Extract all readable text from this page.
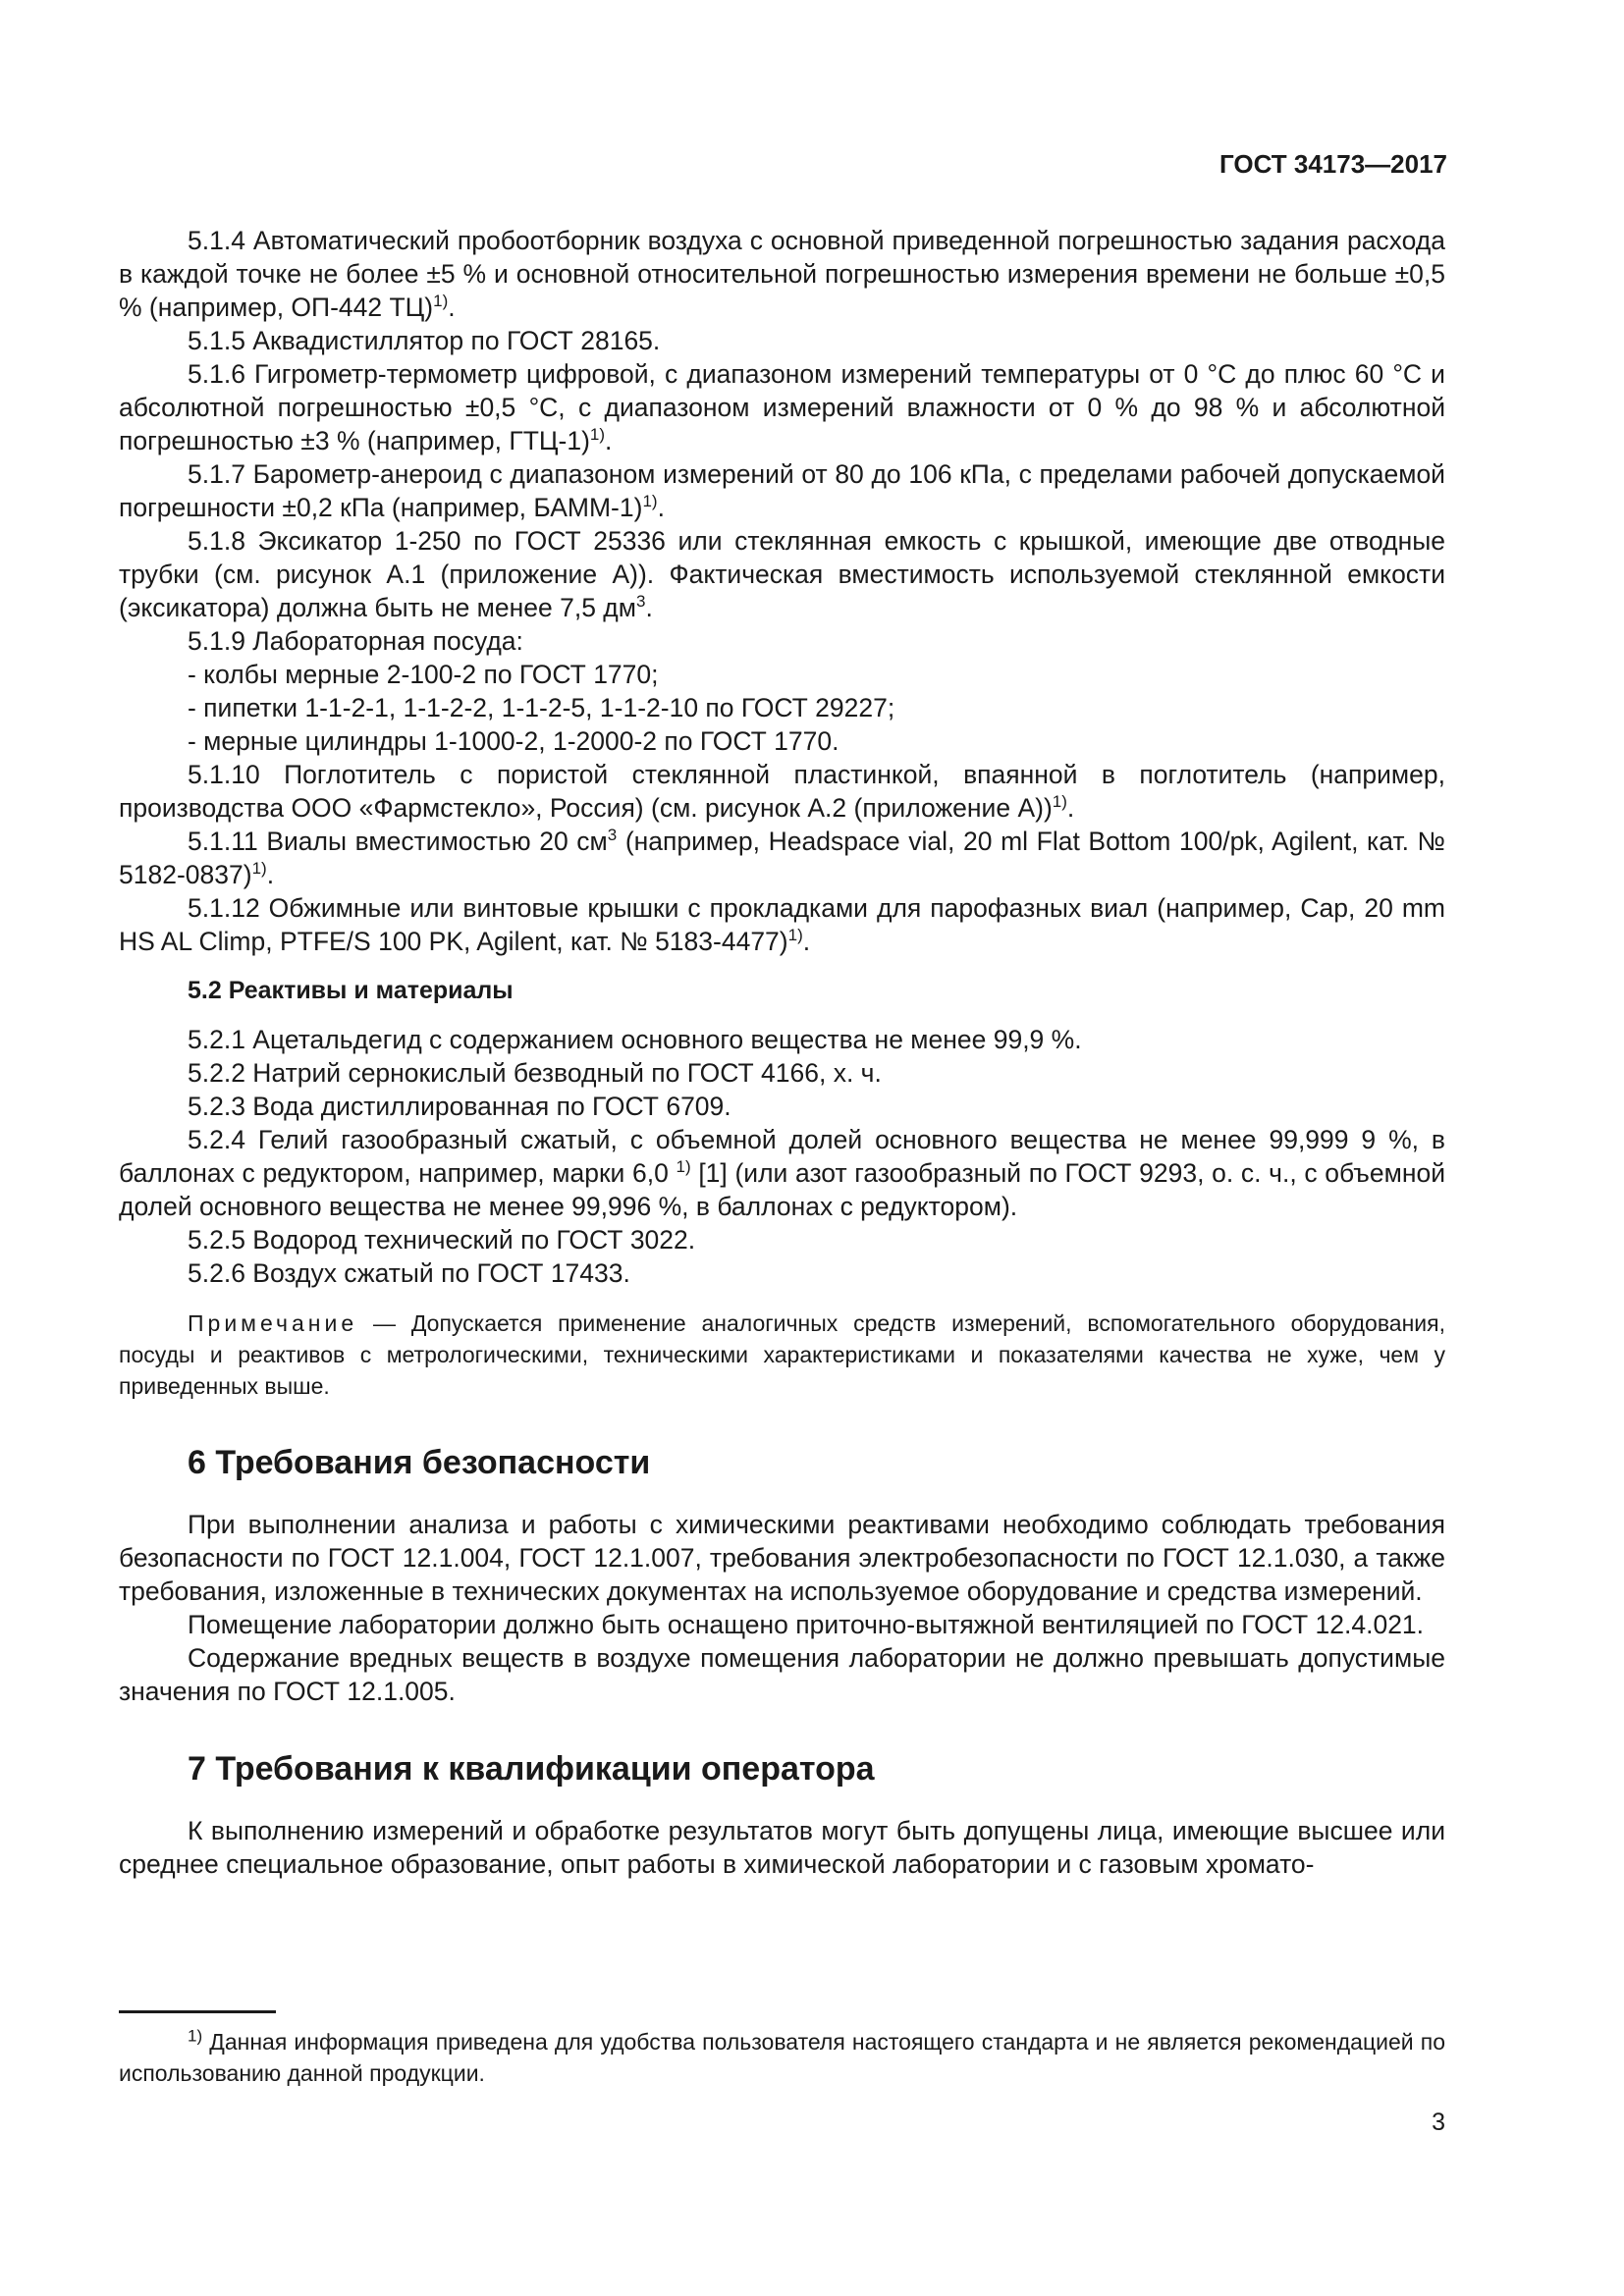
ГОСТ 34173—2017

5.1.4 Автоматический пробоотборник воздуха с основной приведенной погрешностью задания расхода в каждой точке не более ±5 % и основной относительной погрешностью измерения времени не больше ±0,5 % (например, ОП-442 ТЦ)$^{1)}$.

5.1.5 Аквадистиллятор по ГОСТ 28165.

5.1.6 Гигрометр-термометр цифровой, с диапазоном измерений температуры от 0 °C до плюс 60 °C и абсолютной погрешностью ±0,5 °C, с диапазоном измерений влажности от 0 % до 98 % и абсолютной погрешностью ±3 % (например, ГТЦ-1)$^{1)}$.

5.1.7 Барометр-анероид с диапазоном измерений от 80 до 106 кПа, с пределами рабочей допускаемой погрешности ±0,2 кПа (например, БАММ-1)$^{1)}$.

5.1.8 Эксикатор 1-250 по ГОСТ 25336 или стеклянная емкость с крышкой, имеющие две отводные трубки (см. рисунок А.1 (приложение А)). Фактическая вместимость используемой стеклянной емкости (эксикатора) должна быть не менее 7,5 $дм^3$.

5.1.9 Лабораторная посуда:

- колбы мерные 2-100-2 по ГОСТ 1770;

- пипетки 1-1-2-1, 1-1-2-2, 1-1-2-5, 1-1-2-10 по ГОСТ 29227;

- мерные цилиндры 1-1000-2, 1-2000-2 по ГОСТ 1770.

5.1.10 Поглотитель с пористой стеклянной пластинкой, впаянной в поглотитель (например, производства ООО «Фармстекло», Россия) (см. рисунок А.2 (приложение А))$^{1)}$.

5.1.11 Виалы вместимостью 20 $см^3$ (например, Headspace vial, 20 ml Flat Bottom 100/pk, Agilent, кат. № 5182-0837)$^{1)}$.

5.1.12 Обжимные или винтовые крышки с прокладками для парофазных виал (например, Cap, 20 mm HS AL Climp, PTFE/S 100 PK, Agilent, кат. № 5183-4477)$^{1)}$.

5.2 Реактивы и материалы

5.2.1 Ацетальдегид с содержанием основного вещества не менее 99,9 %.

5.2.2 Натрий сернокислый безводный по ГОСТ 4166, х. ч.

5.2.3 Вода дистиллированная по ГОСТ 6709.

5.2.4 Гелий газообразный сжатый, с объемной долей основного вещества не менее 99,999 9 %, в баллонах с редуктором, например, марки 6,0 $^{1)}$ [1] (или азот газообразный по ГОСТ 9293, о. с. ч., с объемной долей основного вещества не менее 99,996 %, в баллонах с редуктором).

5.2.5 Водород технический по ГОСТ 3022.

5.2.6 Воздух сжатый по ГОСТ 17433.

Примечание — Допускается применение аналогичных средств измерений, вспомогательного оборудования, посуды и реактивов с метрологическими, техническими характеристиками и показателями качества не хуже, чем у приведенных выше.

6 Требования безопасности

При выполнении анализа и работы с химическими реактивами необходимо соблюдать требования безопасности по ГОСТ 12.1.004, ГОСТ 12.1.007, требования электробезопасности по ГОСТ 12.1.030, а также требования, изложенные в технических документах на используемое оборудование и средства измерений.

Помещение лаборатории должно быть оснащено приточно-вытяжной вентиляцией по ГОСТ 12.4.021.

Содержание вредных веществ в воздухе помещения лаборатории не должно превышать допустимые значения по ГОСТ 12.1.005.

7 Требования к квалификации оператора

К выполнению измерений и обработке результатов могут быть допущены лица, имеющие высшее или среднее специальное образование, опыт работы в химической лаборатории и с газовым хромато-

$^{1)}$ Данная информация приведена для удобства пользователя настоящего стандарта и не является рекомендацией по использованию данной продукции.
3
